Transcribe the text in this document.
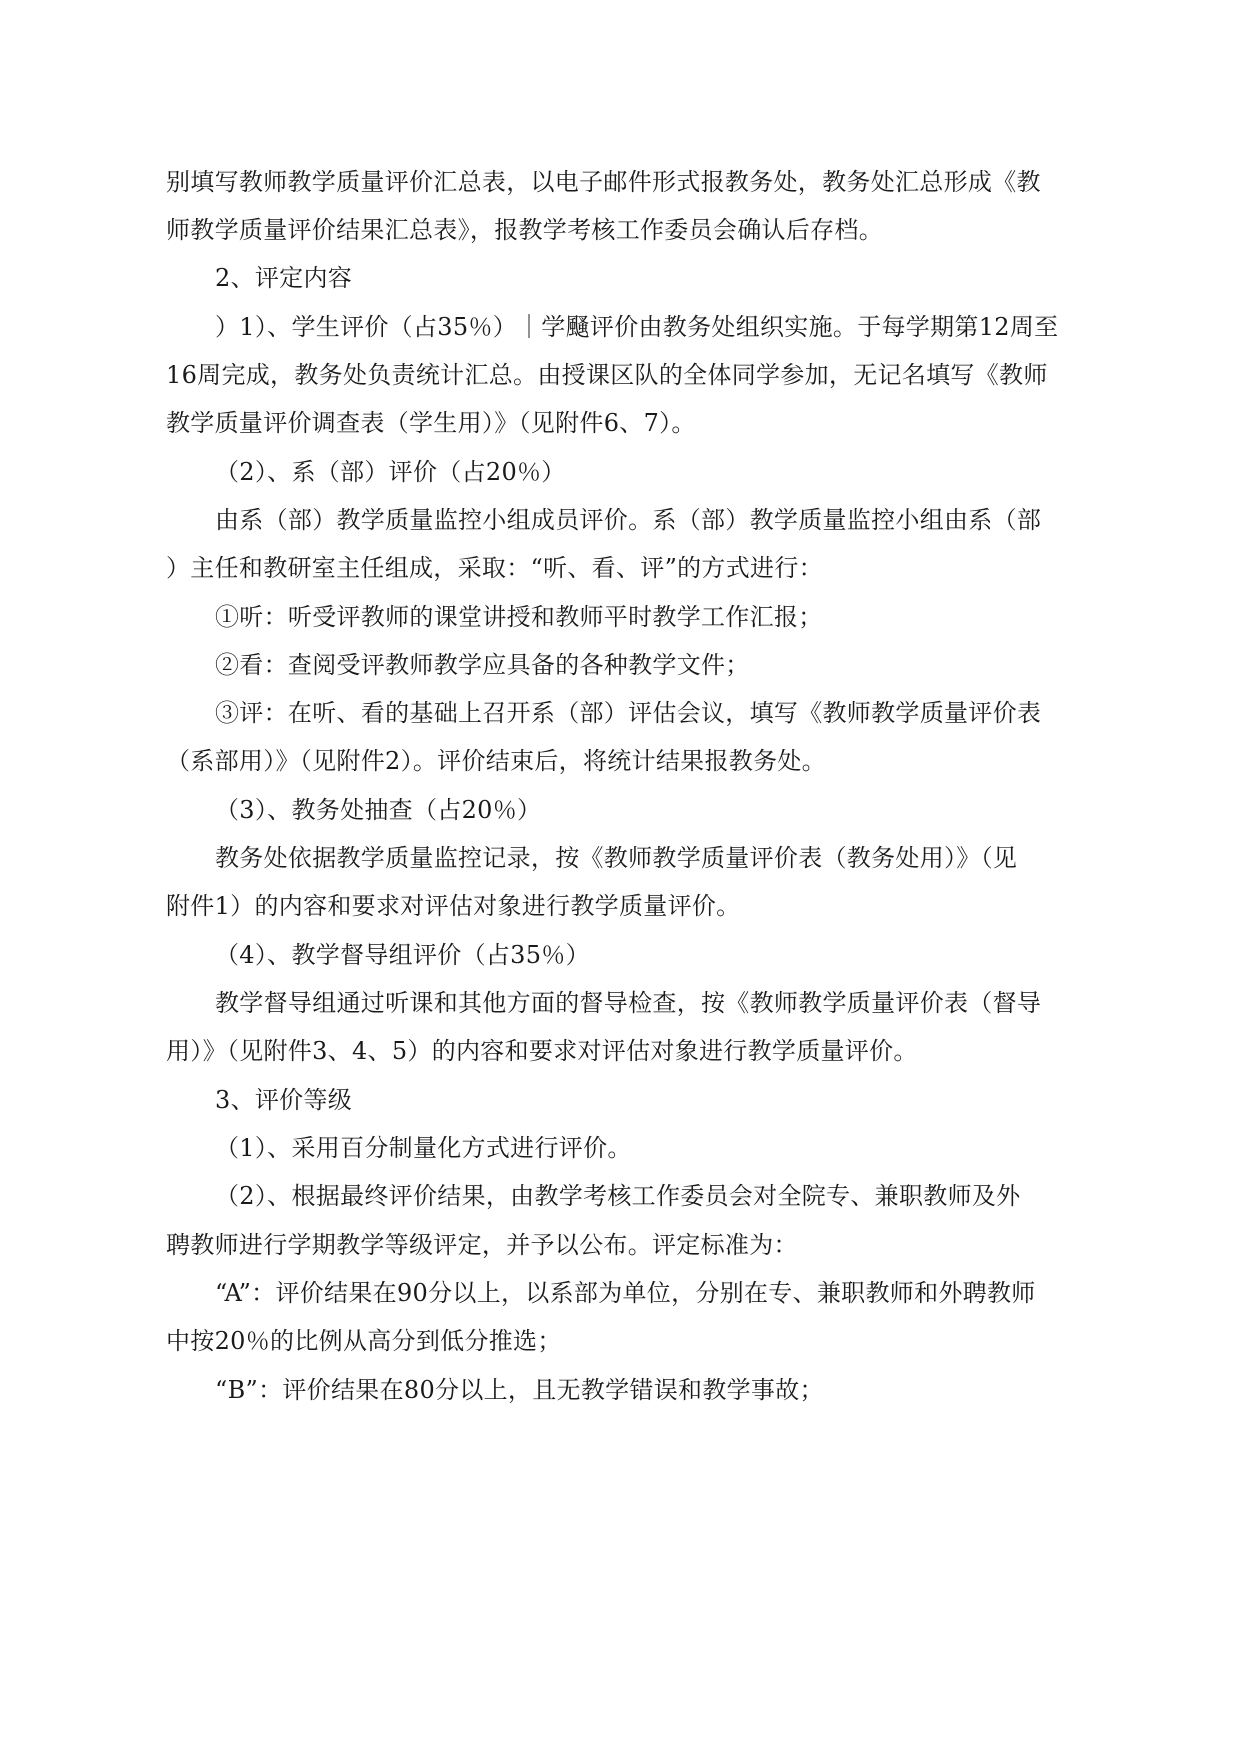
别填写教师教学质量评价汇总表，以电子邮件形式报教务处，教务处汇总形成《教
师教学质量评价结果汇总表》，报教学考核工作委员会确认后存档。
2、评定内容
）1）、学生评价（占35％）｜学颾评价由教务处组织实施。于每学期第12周至
16周完成，教务处负责统计汇总。由授课区队的全体同学参加，无记名填写《教师
教学质量评价调查表（学生用）》（见附件6、7）。
（2）、系（部）评价（占20％）
由系（部）教学质量监控小组成员评价。系（部）教学质量监控小组由系（部
）主任和教研室主任组成，采取：“听、看、评”的方式进行：
①听：听受评教师的课堂讲授和教师平时教学工作汇报；
②看：查阅受评教师教学应具备的各种教学文件；
③评：在听、看的基础上召开系（部）评估会议，填写《教师教学质量评价表
（系部用）》（见附件2）。评价结束后，将统计结果报教务处。
（3）、教务处抽查（占20％）
教务处依据教学质量监控记录，按《教师教学质量评价表（教务处用）》（见
附件1）的内容和要求对评估对象进行教学质量评价。
（4）、教学督导组评价（占35％）
教学督导组通过听课和其他方面的督导检查，按《教师教学质量评价表（督导
用）》（见附件3、4、5）的内容和要求对评估对象进行教学质量评价。
3、评价等级
（1）、采用百分制量化方式进行评价。
（2）、根据最终评价结果，由教学考核工作委员会对全院专、兼职教师及外
聘教师进行学期教学等级评定，并予以公布。评定标准为：
“A”：评价结果在90分以上，以系部为单位，分别在专、兼职教师和外聘教师
中按20％的比例从高分到低分推选；
“B”：评价结果在80分以上，且无教学错误和教学事故；
